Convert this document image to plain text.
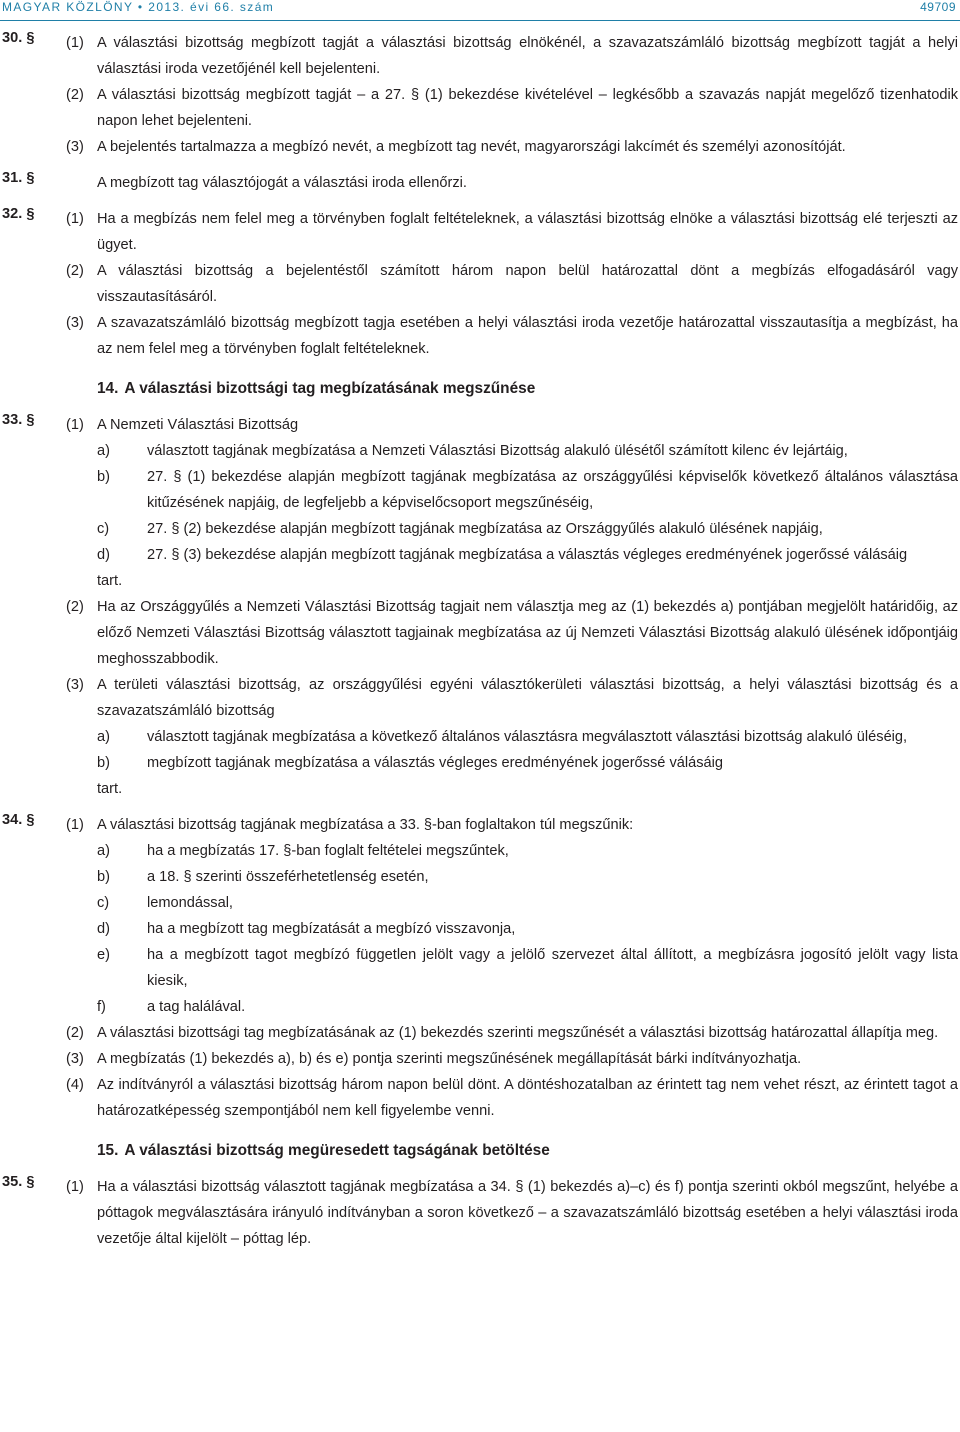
MAGYAR KÖZLÖNY • 2013. évi 66. szám	49709
30. § (1) A választási bizottság megbízott tagját a választási bizottság elnökénél, a szavazatszámláló bizottság megbízott tagját a helyi választási iroda vezetőjénél kell bejelenteni.
(2) A választási bizottság megbízott tagját – a 27. § (1) bekezdése kivételével – legkésőbb a szavazás napját megelőző tizenhatodik napon lehet bejelenteni.
(3) A bejelentés tartalmazza a megbízó nevét, a megbízott tag nevét, magyarországi lakcímét és személyi azonosítóját.
31. §	A megbízott tag választójogát a választási iroda ellenőrzi.
32. § (1) Ha a megbízás nem felel meg a törvényben foglalt feltételeknek, a választási bizottság elnöke a választási bizottság elé terjeszti az ügyet.
(2) A választási bizottság a bejelentéstől számított három napon belül határozattal dönt a megbízás elfogadásáról vagy visszautasításáról.
(3) A szavazatszámláló bizottság megbízott tagja esetében a helyi választási iroda vezetője határozattal visszautasítja a megbízást, ha az nem felel meg a törvényben foglalt feltételeknek.
14. A választási bizottsági tag megbízatásának megszűnése
33. § (1) A Nemzeti Választási Bizottság
a)	választott tagjának megbízatása a Nemzeti Választási Bizottság alakuló ülésétől számított kilenc év lejártáig,
b)	27. § (1) bekezdése alapján megbízott tagjának megbízatása az országgyűlési képviselők következő általános választása kitűzésének napjáig, de legfeljebb a képviselőcsoport megszűnéséig,
c)	27. § (2) bekezdése alapján megbízott tagjának megbízatása az Országgyűlés alakuló ülésének napjáig,
d)	27. § (3) bekezdése alapján megbízott tagjának megbízatása a választás végleges eredményének jogerőssé válásáig
tart.
(2) Ha az Országgyűlés a Nemzeti Választási Bizottság tagjait nem választja meg az (1) bekezdés a) pontjában megjelölt határidőig, az előző Nemzeti Választási Bizottság választott tagjainak megbízatása az új Nemzeti Választási Bizottság alakuló ülésének időpontjáig meghosszabbodik.
(3) A területi választási bizottság, az országgyűlési egyéni választókerületi választási bizottság, a helyi választási bizottság és a szavazatszámláló bizottság
a)	választott tagjának megbízatása a következő általános választásra megválasztott választási bizottság alakuló üléséig,
b)	megbízott tagjának megbízatása a választás végleges eredményének jogerőssé válásáig
tart.
34. § (1) A választási bizottság tagjának megbízatása a 33. §-ban foglaltakon túl megszűnik:
a)	ha a megbízatás 17. §-ban foglalt feltételei megszűntek,
b)	a 18. § szerinti összeférhetetlenség esetén,
c)	lemondással,
d)	ha a megbízott tag megbízatását a megbízó visszavonja,
e)	ha a megbízott tagot megbízó független jelölt vagy a jelölő szervezet által állított, a megbízásra jogosító jelölt vagy lista kiesik,
f)	a tag halálával.
(2) A választási bizottsági tag megbízatásának az (1) bekezdés szerinti megszűnését a választási bizottság határozattal állapítja meg.
(3) A megbízatás (1) bekezdés a), b) és e) pontja szerinti megszűnésének megállapítását bárki indítványozhatja.
(4) Az indítványról a választási bizottság három napon belül dönt. A döntéshozatalban az érintett tag nem vehet részt, az érintett tagot a határozatképesség szempontjából nem kell figyelembe venni.
15. A választási bizottság megüresedett tagságának betöltése
35. § (1) Ha a választási bizottság választott tagjának megbízatása a 34. § (1) bekezdés a)–c) és f) pontja szerinti okból megszűnt, helyébe a póttagok megválasztására irányuló indítványban a soron következő – a szavazatszámláló bizottság esetében a helyi választási iroda vezetője által kijelölt – póttag lép.
